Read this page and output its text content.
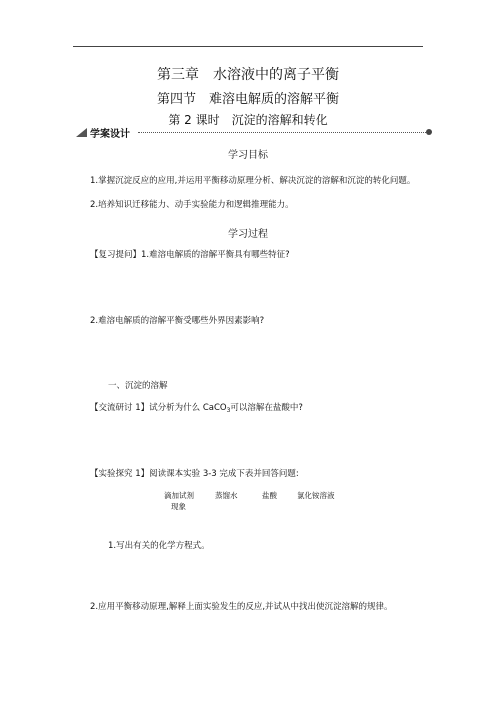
第三章　水溶液中的离子平衡
第四节　难溶电解质的溶解平衡
第 2 课时　沉淀的溶解和转化
学案设计
学习目标
1.掌握沉淀反应的应用,并运用平衡移动原理分析、解决沉淀的溶解和沉淀的转化问题。
2.培养知识迁移能力、动手实验能力和逻辑推理能力。
学习过程
【复习提问】1.难溶电解质的溶解平衡具有哪些特征?
2.难溶电解质的溶解平衡受哪些外界因素影响?
一、沉淀的溶解
【交流研讨 1】试分析为什么 CaCO$_3$可以溶解在盐酸中?
【实验探究 1】阅读课本实验 3-3 完成下表并回答问题:
滴加试剂	蒸馏水	盐酸	氯化铵溶液
现象
1.写出有关的化学方程式。
2.应用平衡移动原理,解释上面实验发生的反应,并试从中找出使沉淀溶解的规律。
